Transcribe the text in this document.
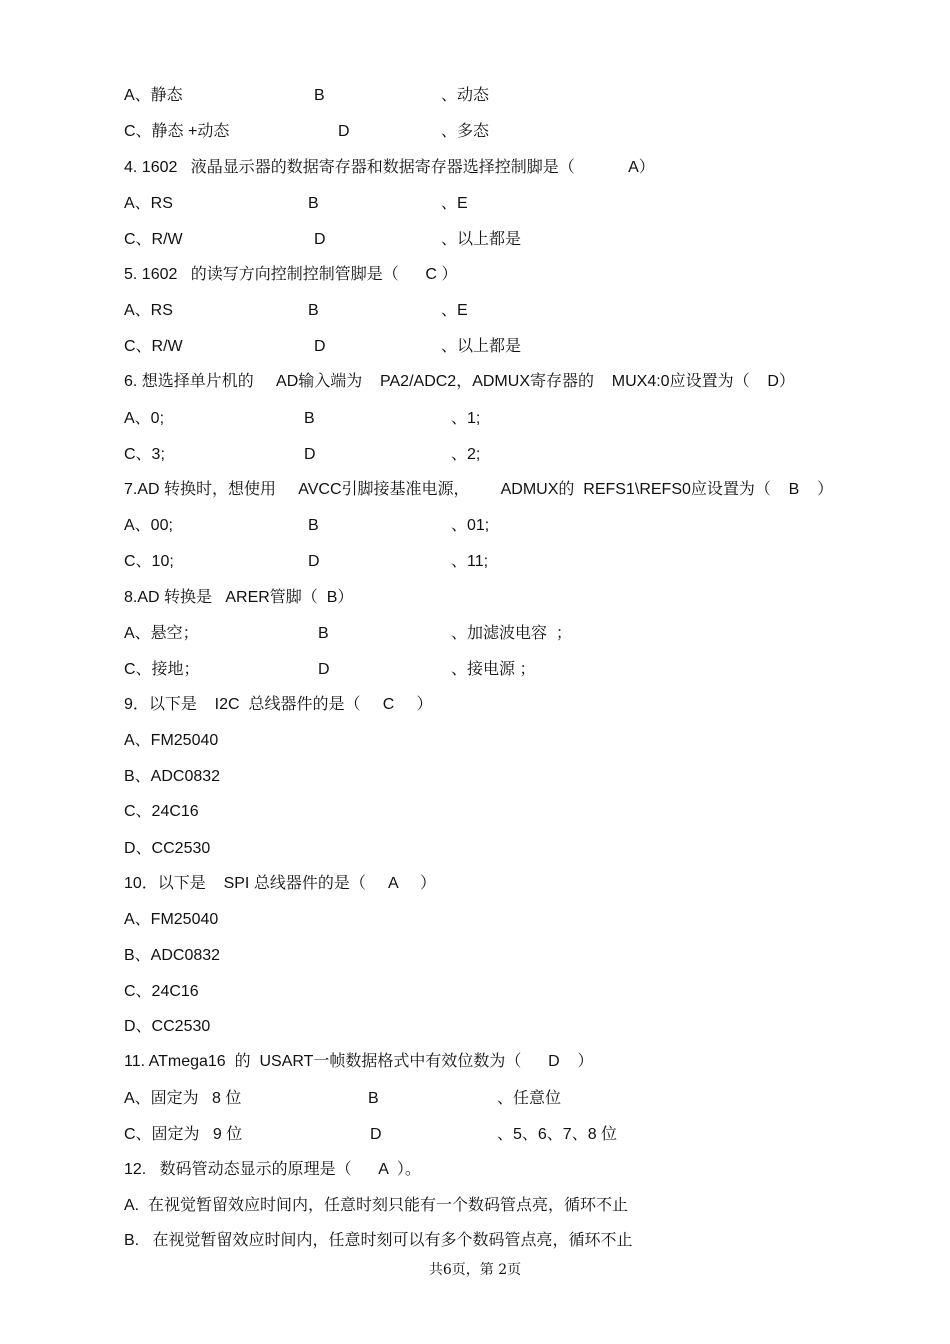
A、静态	B	、动态
C、静态 +动态	D	、多态
4. 1602   液晶显示器的数据寄存器和数据寄存器选择控制脚是（            A）
A、RS	B	、E
C、R/W	D	、以上都是
5. 1602   的读写方向控制控制管脚是（      C ）
A、RS	B	、E
C、R/W	D	、以上都是
6. 想选择单片机的     AD输入端为    PA2/ADC2，ADMUX寄存器的    MUX4:0应设置为（    D）
A、0;	B	、1;
C、3;	D	、2;
7.AD 转换时，想使用     AVCC引脚接基准电源，       ADMUX的  REFS1\REFS0应设置为（    B    ）
A、00;	B	、01;
C、10;	D	、11;
8.AD 转换是   ARER管脚（  B）
A、悬空；	B	、加滤波电容  ；
C、接地；	D	、接电源 ；
9．以下是    I2C  总线器件的是（     C     ）
A、FM25040
B、ADC0832
C、24C16
D、CC2530
10．以下是    SPI 总线器件的是（     A     ）
A、FM25040
B、ADC0832
C、24C16
D、CC2530
11. ATmega16  的  USART一帧数据格式中有效位数为（      D    ）
A、固定为   8 位	B	、任意位
C、固定为   9 位	D	、5、6、7、8 位
12.   数码管动态显示的原理是（      A  ）。
A.  在视觉暂留效应时间内，任意时刻只能有一个数码管点亮，循环不止
B.   在视觉暂留效应时间内，任意时刻可以有多个数码管点亮，循环不止
共6页，第 2页
